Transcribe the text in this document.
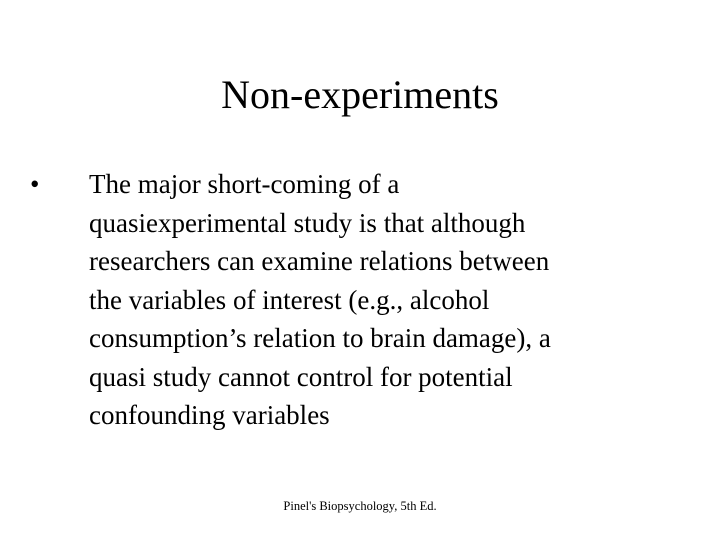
Non-experiments
•	The major short-coming of a
quasiexperimental study is that although
researchers can examine relations between
the variables of interest (e.g., alcohol
consumption’s relation to brain damage), a
quasi study cannot control for potential
confounding variables
Pinel's Biopsychology, 5th Ed.
